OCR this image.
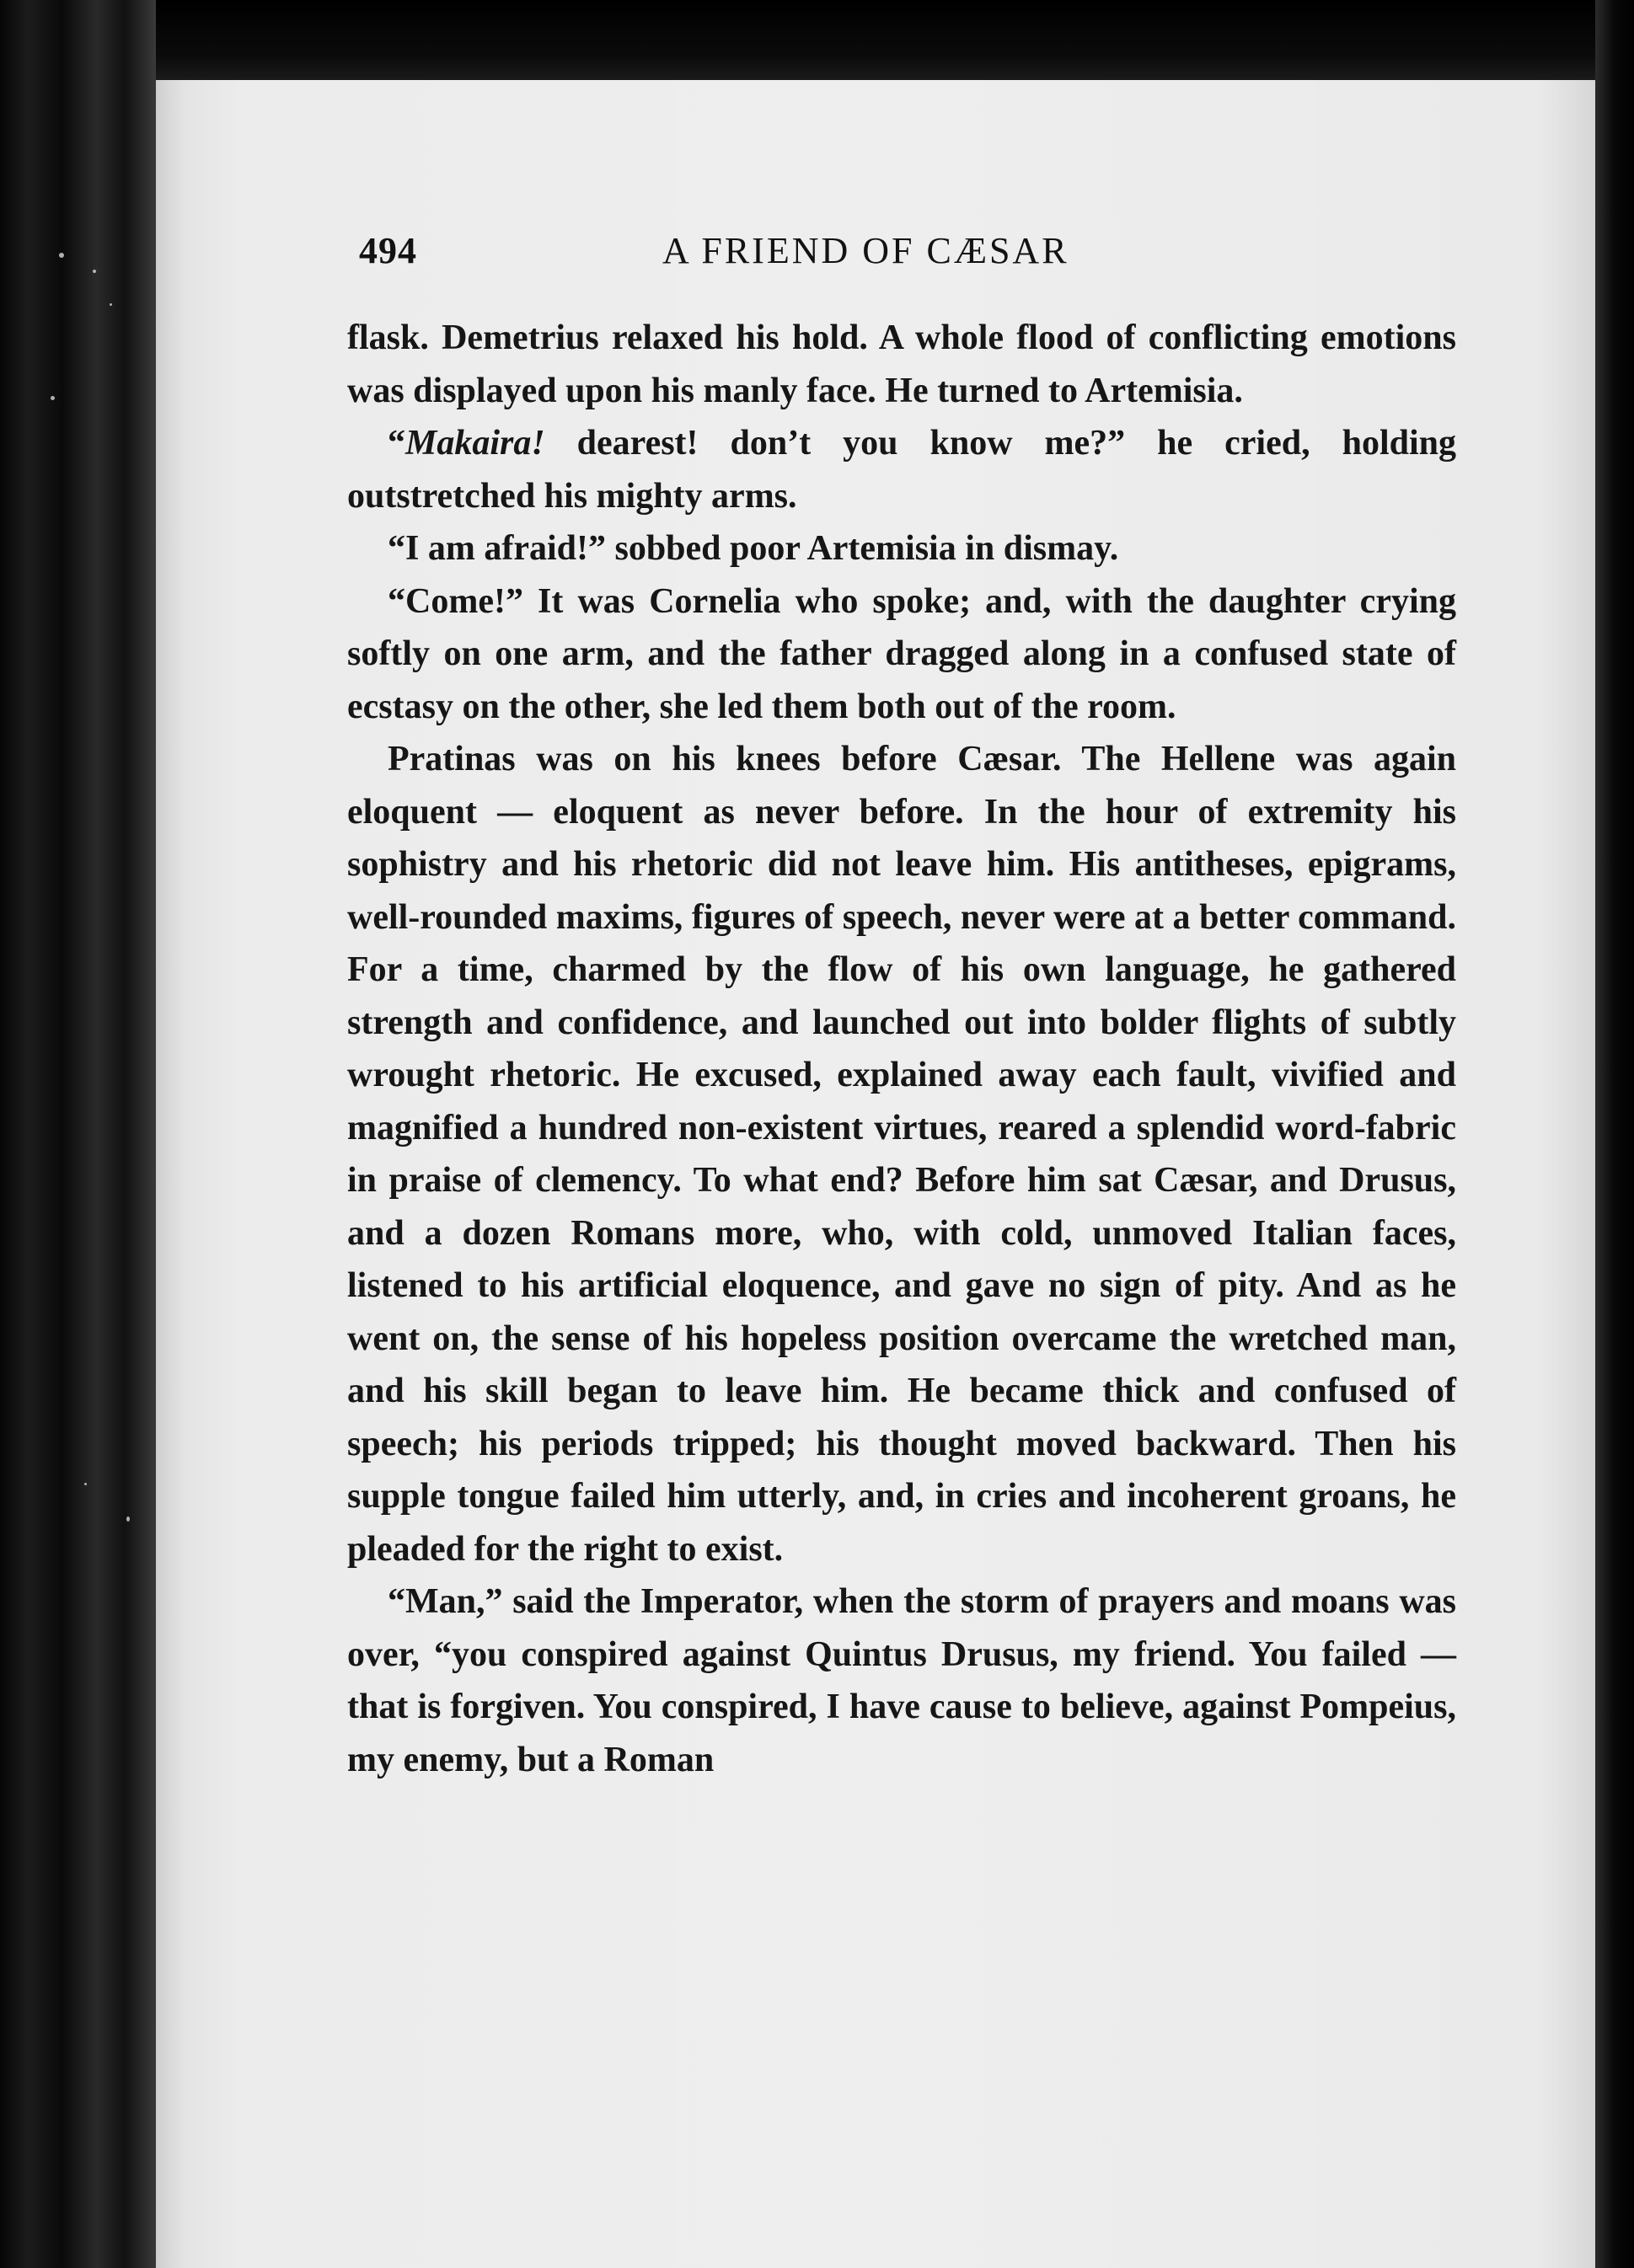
494	A FRIEND OF CÆSAR

flask. Demetrius relaxed his hold. A whole flood of conflicting emotions was displayed upon his manly face. He turned to Artemisia.

“Makaira! dearest! don’t you know me?” he cried, holding outstretched his mighty arms.

“I am afraid!” sobbed poor Artemisia in dismay.

“Come!” It was Cornelia who spoke; and, with the daughter crying softly on one arm, and the father dragged along in a confused state of ecstasy on the other, she led them both out of the room.

Pratinas was on his knees before Cæsar. The Hellene was again eloquent — eloquent as never before. In the hour of extremity his sophistry and his rhetoric did not leave him. His antitheses, epigrams, well-rounded maxims, figures of speech, never were at a better command. For a time, charmed by the flow of his own language, he gathered strength and confidence, and launched out into bolder flights of subtly wrought rhetoric. He excused, explained away each fault, vivified and magnified a hundred non-existent virtues, reared a splendid word-fabric in praise of clemency. To what end? Before him sat Cæsar, and Drusus, and a dozen Romans more, who, with cold, unmoved Italian faces, listened to his artificial eloquence, and gave no sign of pity. And as he went on, the sense of his hopeless position overcame the wretched man, and his skill began to leave him. He became thick and confused of speech; his periods tripped; his thought moved backward. Then his supple tongue failed him utterly, and, in cries and incoherent groans, he pleaded for the right to exist.

“Man,” said the Imperator, when the storm of prayers and moans was over, “you conspired against Quintus Drusus, my friend. You failed — that is forgiven. You conspired, I have cause to believe, against Pompeius, my enemy, but a Roman
